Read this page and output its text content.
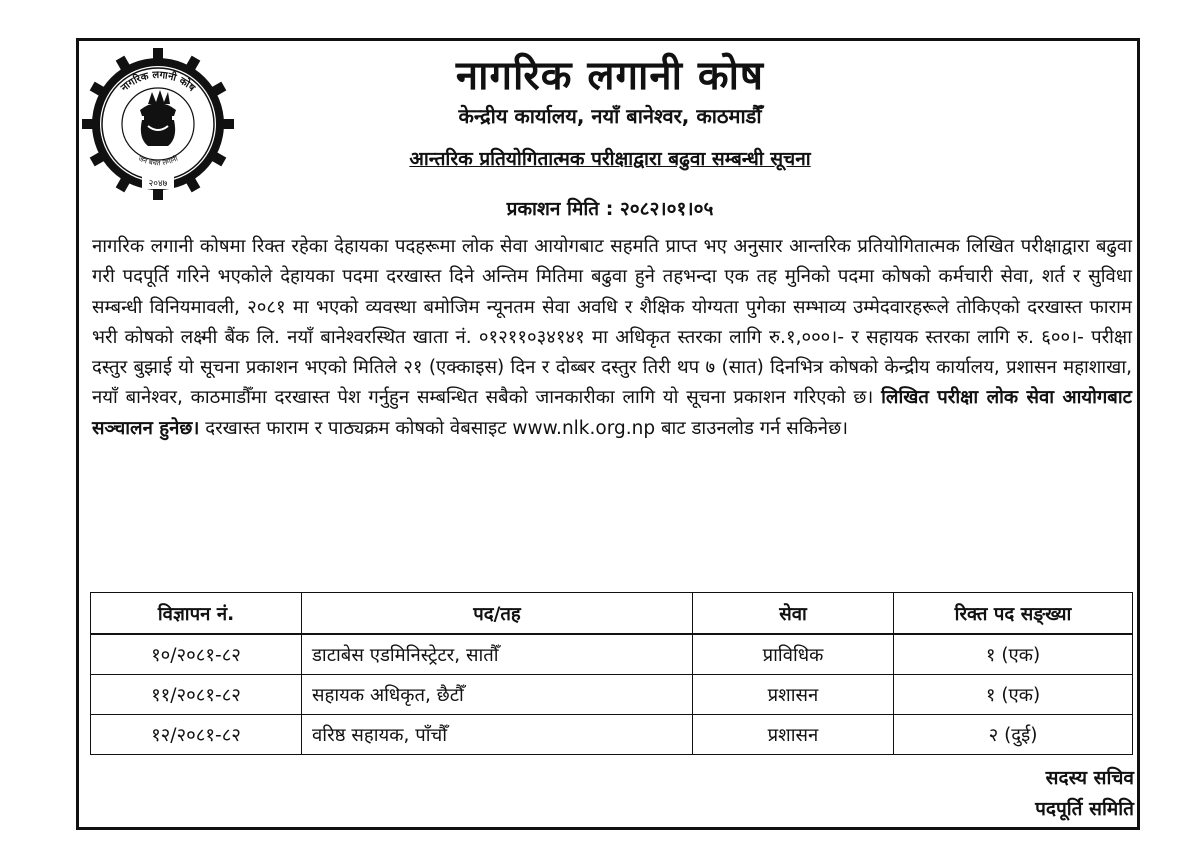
नागरिक लगानी कोष
जन बचत लगानी
२०४७
नागरिक लगानी कोष
केन्द्रीय कार्यालय, नयाँ बानेश्वर, काठमाडौँ
आन्तरिक प्रतियोगितात्मक परीक्षाद्वारा बढुवा सम्बन्धी सूचना
प्रकाशन मिति : २०८२।०१।०५

नागरिक लगानी कोषमा रिक्त रहेका देहायका पदहरूमा लोक सेवा आयोगबाट सहमति प्राप्त भए अनुसार आन्तरिक प्रतियोगितात्मक लिखित परीक्षाद्वारा बढुवा गरी पदपूर्ति गरिने भएकोले देहायका पदमा दरखास्त दिने अन्तिम मितिमा बढुवा हुने तहभन्दा एक तह मुनिको पदमा कोषको कर्मचारी सेवा, शर्त र सुविधा सम्बन्धी विनियमावली, २०८१ मा भएको व्यवस्था बमोजिम न्यूनतम सेवा अवधि र शैक्षिक योग्यता पुगेका सम्भाव्य उम्मेदवारहरूले तोकिएको दरखास्त फाराम भरी कोषको लक्ष्मी बैंक लि. नयाँ बानेश्वरस्थित खाता नं. ०१२११०३४१४१ मा अधिकृत स्तरका लागि रु.१,०००।- र सहायक स्तरका लागि रु. ६००।- परीक्षा दस्तुर बुझाई यो सूचना प्रकाशन भएको मितिले २१ (एक्काइस) दिन र दोब्बर दस्तुर तिरी थप ७ (सात) दिनभित्र कोषको केन्द्रीय कार्यालय, प्रशासन महाशाखा, नयाँ बानेश्वर, काठमाडौँमा दरखास्त पेश गर्नुहुन सम्बन्धित सबैको जानकारीका लागि यो सूचना प्रकाशन गरिएको छ। लिखित परीक्षा लोक सेवा आयोगबाट सञ्चालन हुनेछ। दरखास्त फाराम र पाठ्यक्रम कोषको वेबसाइट www.nlk.org.np बाट डाउनलोड गर्न सकिनेछ।

विज्ञापन नं.	पद/तह	सेवा	रिक्त पद सङ्ख्या
१०/२०८१-८२	डाटाबेस एडमिनिस्ट्रेटर, सातौँ	प्राविधिक	१ (एक)
११/२०८१-८२	सहायक अधिकृत, छैटौँ	प्रशासन	१ (एक)
१२/२०८१-८२	वरिष्ठ सहायक, पाँचौँ	प्रशासन	२ (दुई)
सदस्य सचिव
पदपूर्ति समिति
